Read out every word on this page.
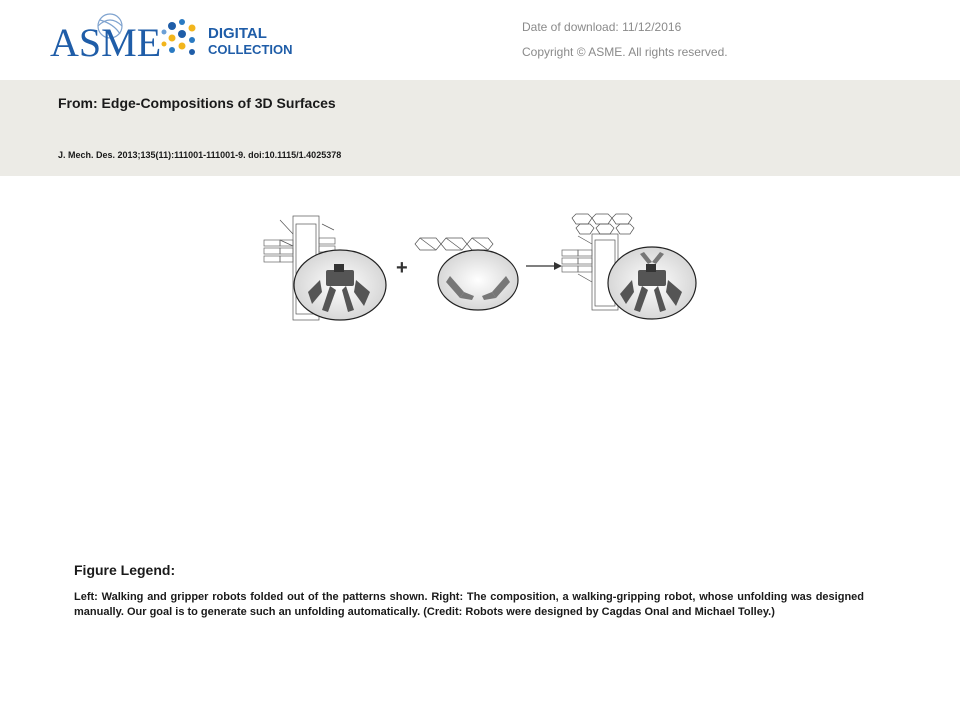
ASME	DIGITAL
COLLECTION
Date of download: 11/12/2016
Copyright © ASME. All rights reserved.
From: Edge-Compositions of 3D Surfaces
J. Mech. Des. 2013;135(11):111001-111001-9. doi:10.1115/1.4025378
+
Figure Legend:
Left: Walking and gripper robots folded out of the patterns shown. Right: The composition, a walking-gripping robot, whose unfolding was designed manually. Our goal is to generate such an unfolding automatically. (Credit: Robots were designed by Cagdas Onal and Michael Tolley.)
